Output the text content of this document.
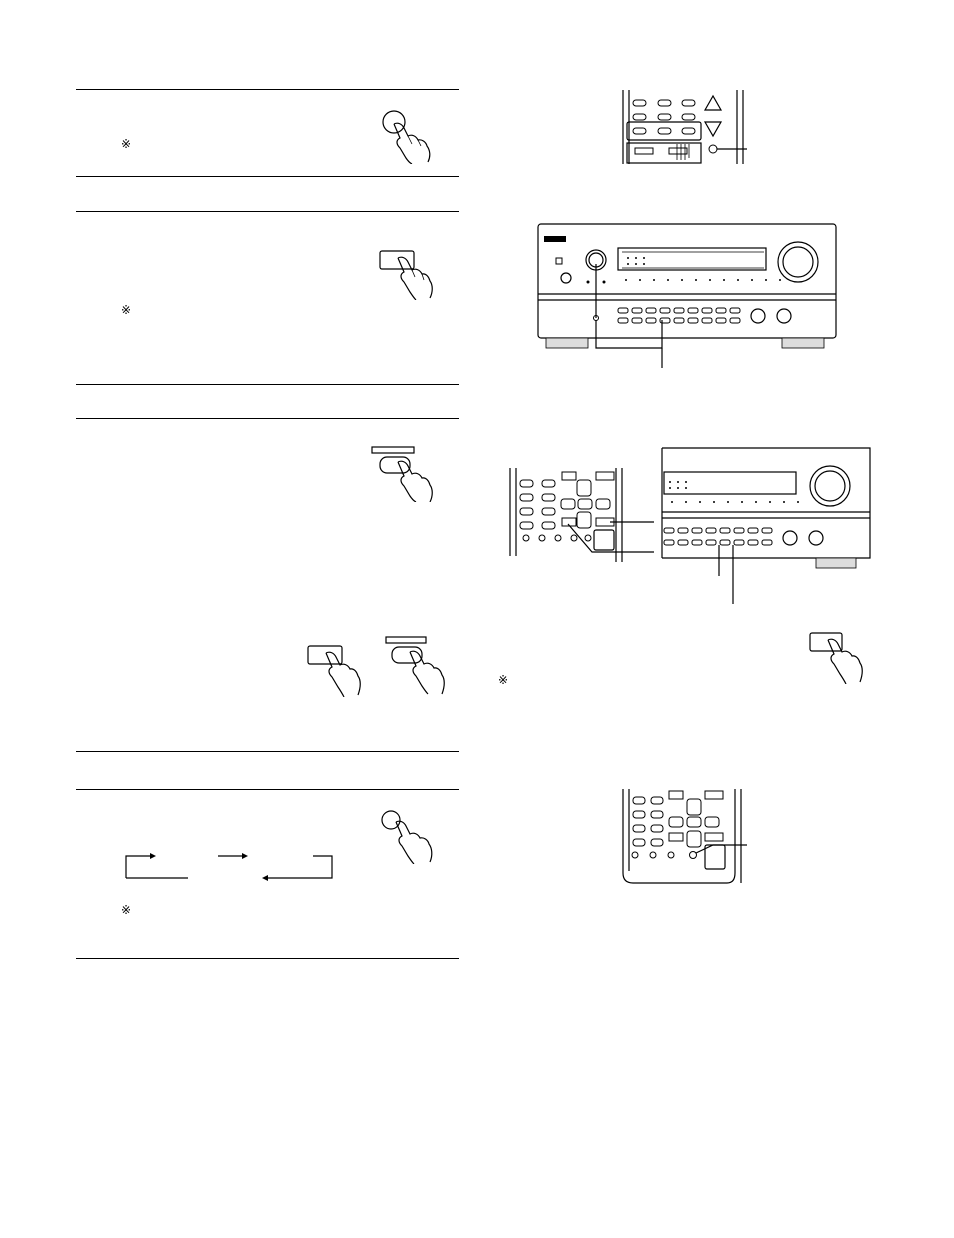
※
※
※
※
